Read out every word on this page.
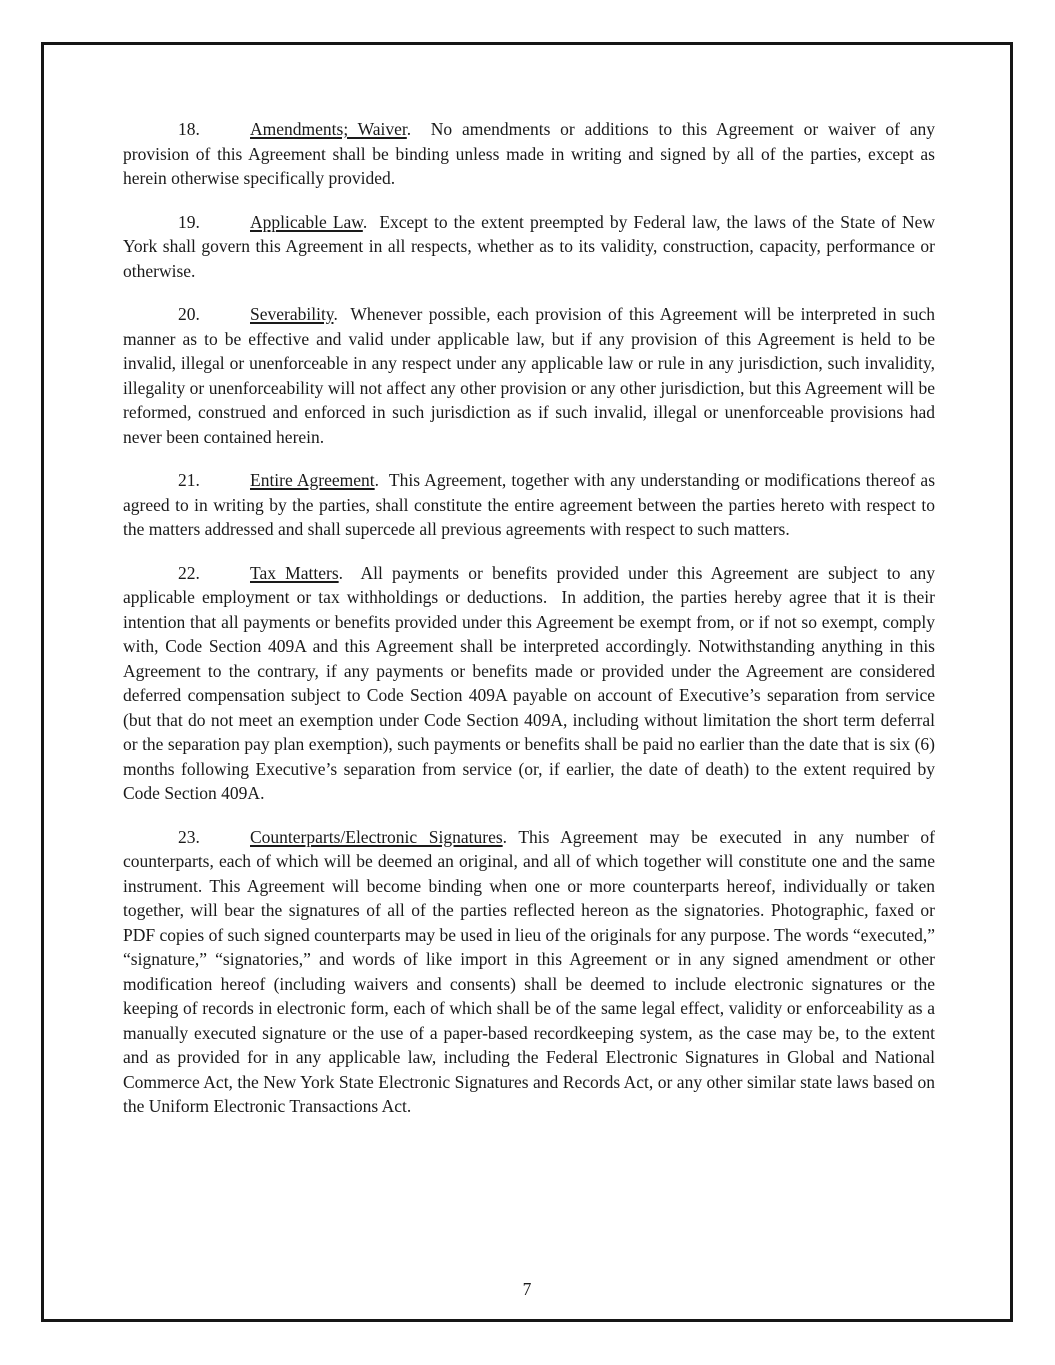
18.	Amendments; Waiver.  No amendments or additions to this Agreement or waiver of any provision of this Agreement shall be binding unless made in writing and signed by all of the parties, except as herein otherwise specifically provided.

19.	Applicable Law.  Except to the extent preempted by Federal law, the laws of the State of New York shall govern this Agreement in all respects, whether as to its validity, construction, capacity, performance or otherwise.

20.	Severability.  Whenever possible, each provision of this Agreement will be interpreted in such manner as to be effective and valid under applicable law, but if any provision of this Agreement is held to be invalid, illegal or unenforceable in any respect under any applicable law or rule in any jurisdiction, such invalidity, illegality or unenforceability will not affect any other provision or any other jurisdiction, but this Agreement will be reformed, construed and enforced in such jurisdiction as if such invalid, illegal or unenforceable provisions had never been contained herein.

21.	Entire Agreement.  This Agreement, together with any understanding or modifications thereof as agreed to in writing by the parties, shall constitute the entire agreement between the parties hereto with respect to the matters addressed and shall supercede all previous agreements with respect to such matters.

22.	Tax Matters.  All payments or benefits provided under this Agreement are subject to any applicable employment or tax withholdings or deductions.  In addition, the parties hereby agree that it is their intention that all payments or benefits provided under this Agreement be exempt from, or if not so exempt, comply with, Code Section 409A and this Agreement shall be interpreted accordingly. Notwithstanding anything in this Agreement to the contrary, if any payments or benefits made or provided under the Agreement are considered deferred compensation subject to Code Section 409A payable on account of Executive’s separation from service (but that do not meet an exemption under Code Section 409A, including without limitation the short term deferral or the separation pay plan exemption), such payments or benefits shall be paid no earlier than the date that is six (6) months following Executive’s separation from service (or, if earlier, the date of death) to the extent required by Code Section 409A.

23.	Counterparts/Electronic Signatures. This Agreement may be executed in any number of counterparts, each of which will be deemed an original, and all of which together will constitute one and the same instrument. This Agreement will become binding when one or more counterparts hereof, individually or taken together, will bear the signatures of all of the parties reflected hereon as the signatories. Photographic, faxed or PDF copies of such signed counterparts may be used in lieu of the originals for any purpose. The words “executed,” “signature,” “signatories,” and words of like import in this Agreement or in any signed amendment or other modification hereof (including waivers and consents) shall be deemed to include electronic signatures or the keeping of records in electronic form, each of which shall be of the same legal effect, validity or enforceability as a manually executed signature or the use of a paper-based recordkeeping system, as the case may be, to the extent and as provided for in any applicable law, including the Federal Electronic Signatures in Global and National Commerce Act, the New York State Electronic Signatures and Records Act, or any other similar state laws based on the Uniform Electronic Transactions Act.

7
